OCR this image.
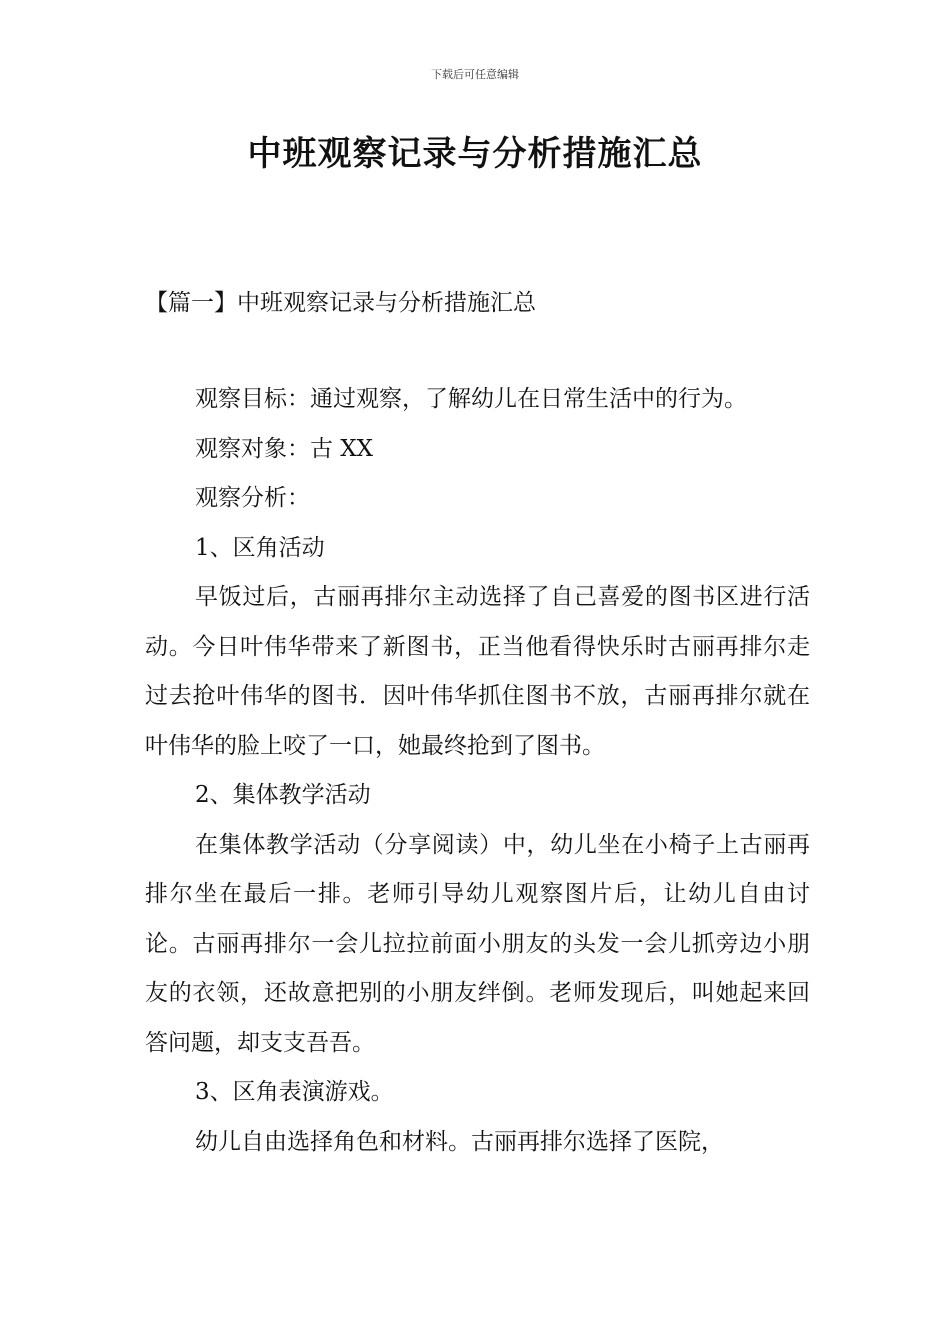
下载后可任意编辑
中班观察记录与分析措施汇总
【篇一】中班观察记录与分析措施汇总

观察目标：通过观察，了解幼儿在日常生活中的行为。

观察对象：古 XX

观察分析：

1、区角活动

早饭过后，古丽再排尔主动选择了自己喜爱的图书区进行活动。今日叶伟华带来了新图书，正当他看得快乐时古丽再排尔走过去抢叶伟华的图书．因叶伟华抓住图书不放，古丽再排尔就在叶伟华的脸上咬了一口，她最终抢到了图书。

2、集体教学活动

在集体教学活动（分享阅读）中，幼儿坐在小椅子上古丽再排尔坐在最后一排。老师引导幼儿观察图片后，让幼儿自由讨论。古丽再排尔一会儿拉拉前面小朋友的头发一会儿抓旁边小朋友的衣领，还故意把别的小朋友绊倒。老师发现后，叫她起来回答问题，却支支吾吾。

3、区角表演游戏。

幼儿自由选择角色和材料。古丽再排尔选择了医院，
